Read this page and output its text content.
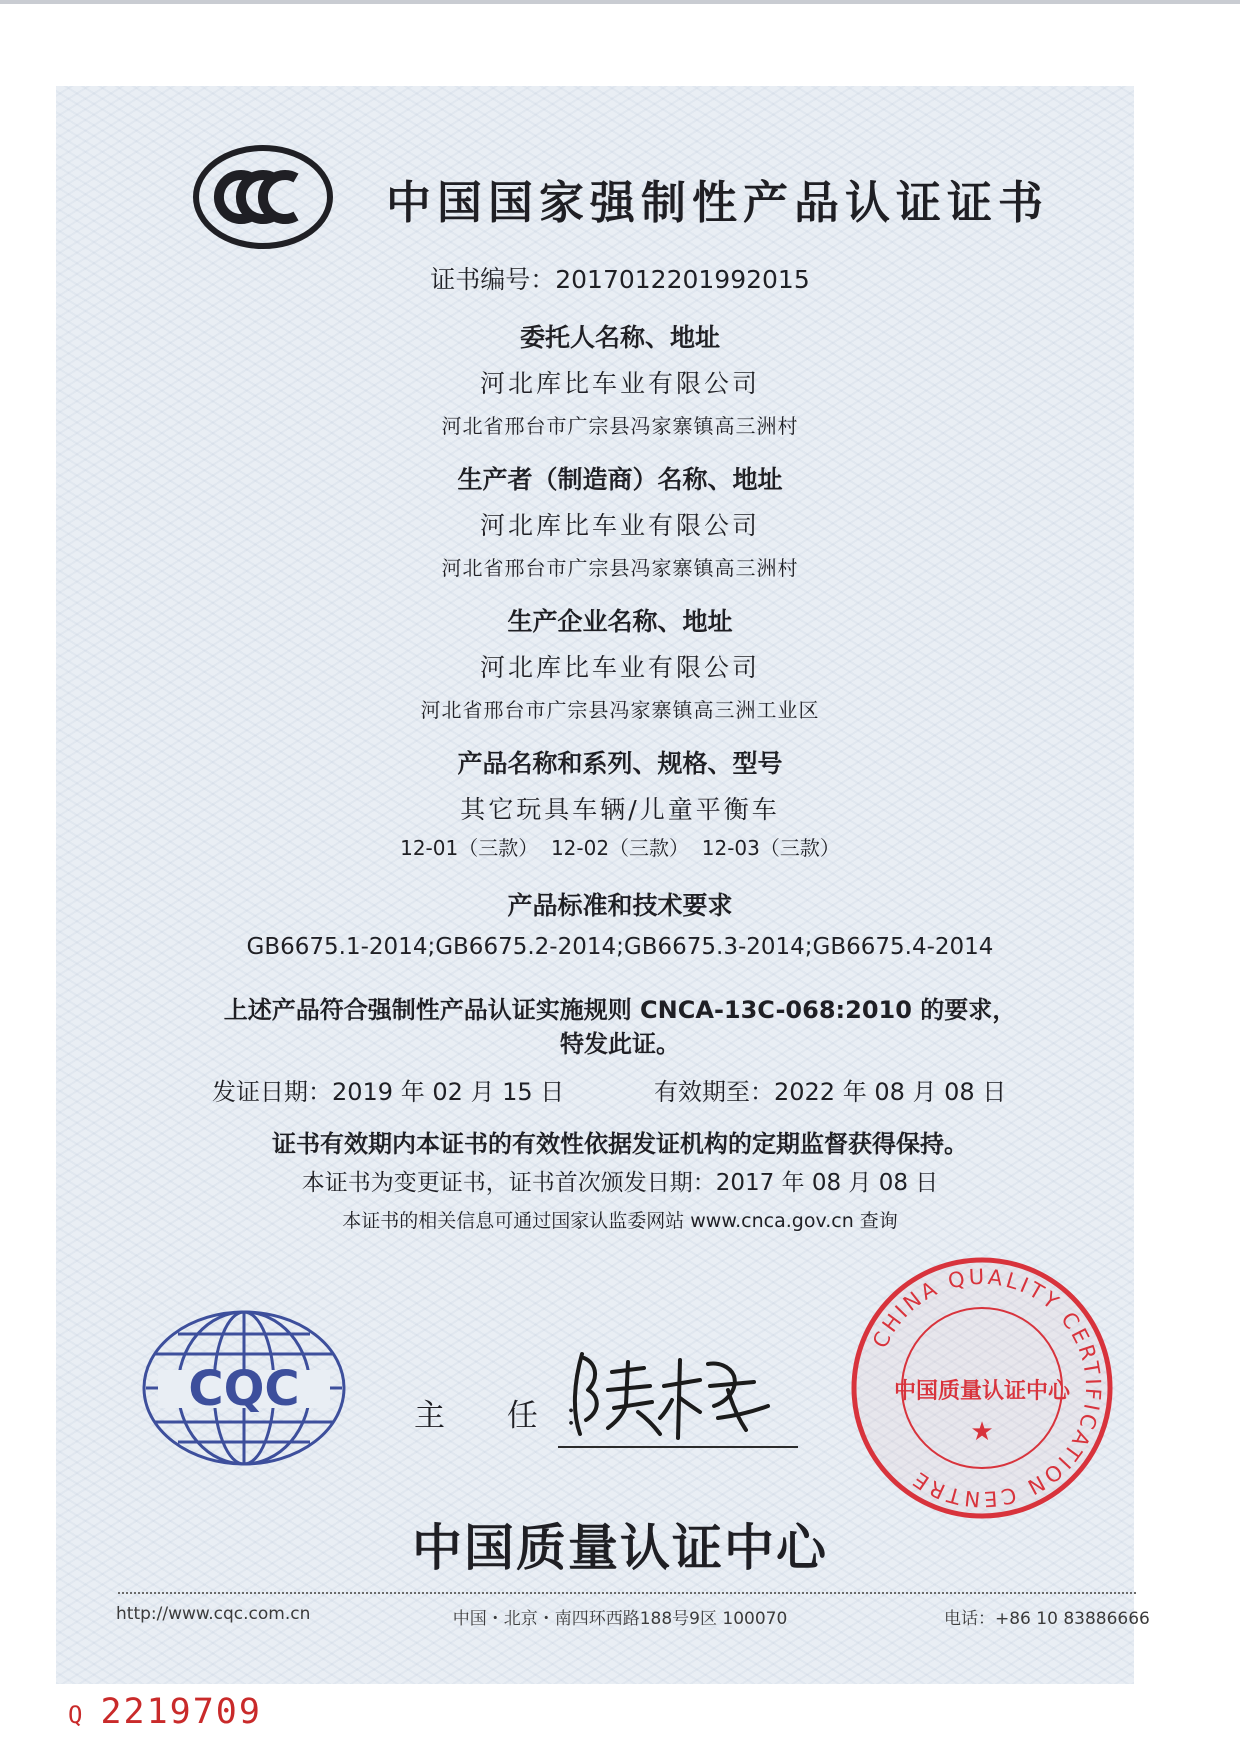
中国国家强制性产品认证证书
证书编号：2017012201992015
委托人名称、地址
河北库比车业有限公司
河北省邢台市广宗县冯家寨镇高三洲村
生产者（制造商）名称、地址
河北库比车业有限公司
河北省邢台市广宗县冯家寨镇高三洲村
生产企业名称、地址
河北库比车业有限公司
河北省邢台市广宗县冯家寨镇高三洲工业区
产品名称和系列、规格、型号
其它玩具车辆/儿童平衡车
12-01（三款）  12-02（三款）  12-03（三款）
产品标准和技术要求
GB6675.1-2014;GB6675.2-2014;GB6675.3-2014;GB6675.4-2014
上述产品符合强制性产品认证实施规则 CNCA-13C-068:2010 的要求，
特发此证。
发证日期：2019 年 02 月 15 日	有效期至：2022 年 08 月 08 日
证书有效期内本证书的有效性依据发证机构的定期监督获得保持。
本证书为变更证书，证书首次颁发日期：2017 年 08 月 08 日
本证书的相关信息可通过国家认监委网站 www.cnca.gov.cn 查询
CQC	主 任：
CHINA QUALITY CERTIFICATION CENTRE
中国质量认证中心
★
中国质量认证中心
http://www.cqc.com.cn	中国・北京・南四环西路188号9区 100070	电话：+86 10 83886666
Q 2219709
